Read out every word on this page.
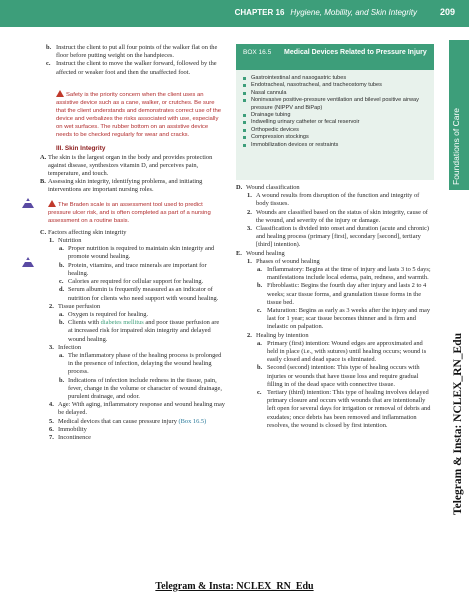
CHAPTER 16 Hygiene, Mobility, and Skin Integrity	209
Foundations of Care
b. Instruct the client to put all four points of the walker flat on the floor before putting weight on the handpieces.
c. Instruct the client to move the walker forward, followed by the affected or weaker foot and then the unaffected foot.
Safety is the priority concern when the client uses an assistive device such as a cane, walker, or crutches. Be sure that the client understands and demonstrates correct use of the device and verbalizes the risks associated with use, especially on wet surfaces. The rubber bottom on an assistive device needs to be checked regularly for wear and cracks.
III. Skin Integrity
A. The skin is the largest organ in the body and provides protection against disease, synthesizes vitamin D, and perceives pain, temperature, and touch.
B. Assessing skin integrity, identifying problems, and initiating interventions are important nursing roles.
The Braden scale is an assessment tool used to predict pressure ulcer risk, and is often completed as part of a nursing assessment on a routine basis.
C. Factors affecting skin integrity
1. Nutrition
a. Proper nutrition is required to maintain skin integrity and promote wound healing.
b. Protein, vitamins, and trace minerals are important for healing.
c. Calories are required for cellular support for healing.
d. Serum albumin is frequently measured as an indicator of nutrition for clients who need support with wound healing.
2. Tissue perfusion
a. Oxygen is required for healing.
b. Clients with diabetes mellitus and poor tissue perfusion are at increased risk for impaired skin integrity and delayed wound healing.
3. Infection
a. The inflammatory phase of the healing process is prolonged in the presence of infection, delaying the wound healing process.
b. Indications of infection include redness in the tissue, pain, fever, change in the volume or character of wound drainage, purulent drainage, and odor.
4. Age: With aging, inflammatory response and wound healing may be delayed.
5. Medical devices that can cause pressure injury (Box 16.5)
6. Immobility
7. Incontinence
BOX 16.5 Medical Devices Related to Pressure Injury
Gastrointestinal and nasogastric tubes
Endotracheal, nasotracheal, and tracheostomy tubes
Nasal cannula
Noninvasive positive-pressure ventilation and bilevel positive airway pressure (NIPPV and BiPap)
Drainage tubing
Indwelling urinary catheter or fecal reservoir
Orthopedic devices
Compression stockings
Immobilization devices or restraints
D. Wound classification
1. A wound results from disruption of the function and integrity of body tissues.
2. Wounds are classified based on the status of skin integrity, cause of the wound, and severity of the injury or damage.
3. Classification is divided into onset and duration (acute and chronic) and healing process (primary [first], secondary [second], tertiary [third] intention).
E. Wound healing
1. Phases of wound healing
a. Inflammatory: Begins at the time of injury and lasts 3 to 5 days; manifestations include local edema, pain, redness, and warmth.
b. Fibroblastic: Begins the fourth day after injury and lasts 2 to 4 weeks; scar tissue forms, and granulation tissue forms in the tissue bed.
c. Maturation: Begins as early as 3 weeks after the injury and may last for 1 year; scar tissue becomes thinner and is firm and inelastic on palpation.
2. Healing by intention
a. Primary (first) intention: Wound edges are approximated and held in place (i.e., with sutures) until healing occurs; wound is easily closed and dead space is eliminated.
b. Second (second) intention: This type of healing occurs with injuries or wounds that have tissue loss and require gradual filling in of the dead space with connective tissue.
c. Tertiary (third) intention: This type of healing involves delayed primary closure and occurs with wounds that are intentionally left open for several days for irrigation or removal of debris and exudates; once debris has been removed and inflammation resolves, the wound is closed by first intention.	Telegram & Insta: NCLEX_RN_Edu
Telegram & Insta: NCLEX_RN_Edu
